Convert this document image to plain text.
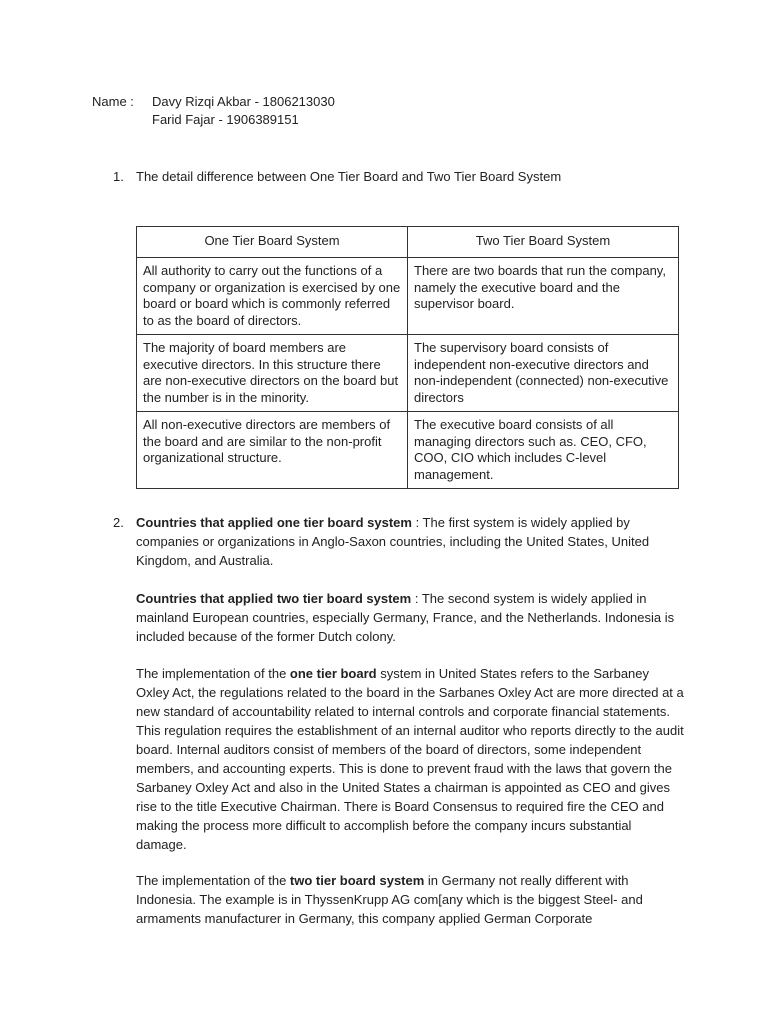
Name : Davy Rizqi Akbar - 1806213030
Farid Fajar - 1906389151
1. The detail difference between One Tier Board and Two Tier Board System
One Tier Board System	Two Tier Board System
All authority to carry out the functions of a company or organization is exercised by one board or board which is commonly referred to as the board of directors.	There are two boards that run the company, namely the executive board and the supervisor board.
The majority of board members are executive directors. In this structure there are non-executive directors on the board but the number is in the minority.	The supervisory board consists of independent non-executive directors and non-independent (connected) non-executive directors
All non-executive directors are members of the board and are similar to the non-profit organizational structure.	The executive board consists of all managing directors such as. CEO, CFO, COO, CIO which includes C-level management.
2. Countries that applied one tier board system : The first system is widely applied by companies or organizations in Anglo-Saxon countries, including the United States, United Kingdom, and Australia.

Countries that applied two tier board system : The second system is widely applied in mainland European countries, especially Germany, France, and the Netherlands. Indonesia is included because of the former Dutch colony.

The implementation of the one tier board system in United States refers to the Sarbaney Oxley Act, the regulations related to the board in the Sarbanes Oxley Act are more directed at a new standard of accountability related to internal controls and corporate financial statements. This regulation requires the establishment of an internal auditor who reports directly to the audit board. Internal auditors consist of members of the board of directors, some independent members, and accounting experts. This is done to prevent fraud with the laws that govern the Sarbaney Oxley Act and also in the United States a chairman is appointed as CEO and gives rise to the title Executive Chairman. There is Board Consensus to required fire the CEO and making the process more difficult to accomplish before the company incurs substantial damage.

The implementation of the two tier board system in Germany not really different with Indonesia. The example is in ThyssenKrupp AG com[any which is the biggest Steel- and armaments manufacturer in Germany, this company applied German Corporate
